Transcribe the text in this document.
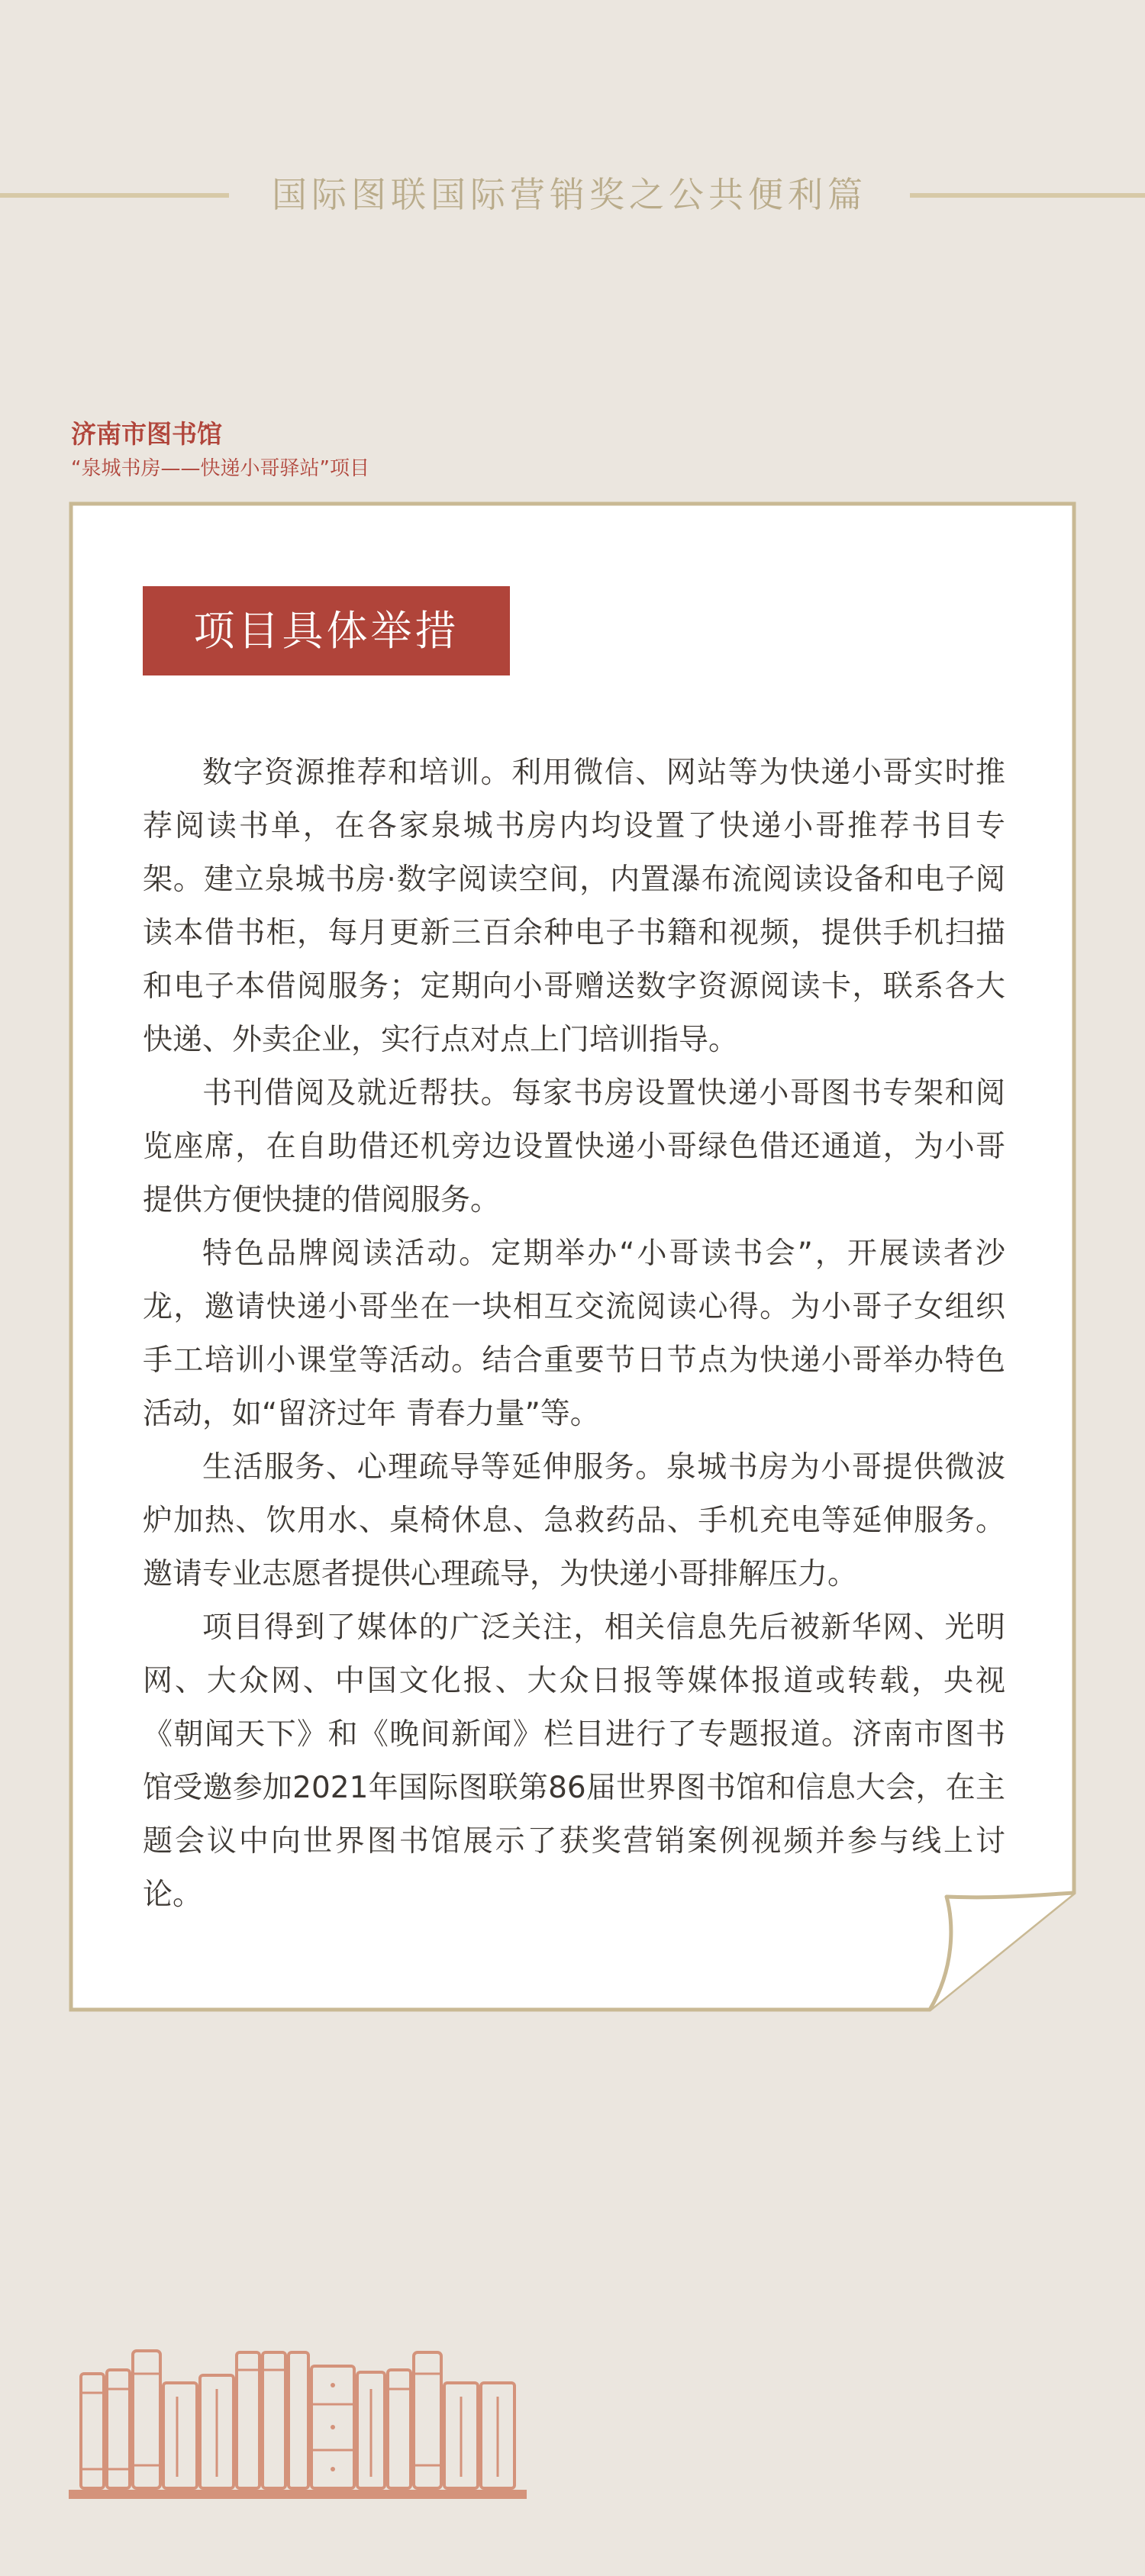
国际图联国际营销奖之公共便利篇
济南市图书馆
“泉城书房——快递小哥驿站”项目
项目具体举措

数字资源推荐和培训。利用微信、网站等为快递小哥实时推荐阅读书单，在各家泉城书房内均设置了快递小哥推荐书目专架。建立泉城书房·数字阅读空间，内置瀑布流阅读设备和电子阅读本借书柜，每月更新三百余种电子书籍和视频，提供手机扫描和电子本借阅服务；定期向小哥赠送数字资源阅读卡，联系各大快递、外卖企业，实行点对点上门培训指导。

书刊借阅及就近帮扶。每家书房设置快递小哥图书专架和阅览座席，在自助借还机旁边设置快递小哥绿色借还通道，为小哥提供方便快捷的借阅服务。

特色品牌阅读活动。定期举办“小哥读书会”，开展读者沙龙，邀请快递小哥坐在一块相互交流阅读心得。为小哥子女组织手工培训小课堂等活动。结合重要节日节点为快递小哥举办特色活动，如“留济过年 青春力量”等。

生活服务、心理疏导等延伸服务。泉城书房为小哥提供微波炉加热、饮用水、桌椅休息、急救药品、手机充电等延伸服务。邀请专业志愿者提供心理疏导，为快递小哥排解压力。

项目得到了媒体的广泛关注，相关信息先后被新华网、光明网、大众网、中国文化报、大众日报等媒体报道或转载，央视《朝闻天下》和《晚间新闻》栏目进行了专题报道。济南市图书馆受邀参加2021年国际图联第86届世界图书馆和信息大会，在主题会议中向世界图书馆展示了获奖营销案例视频并参与线上讨论。
